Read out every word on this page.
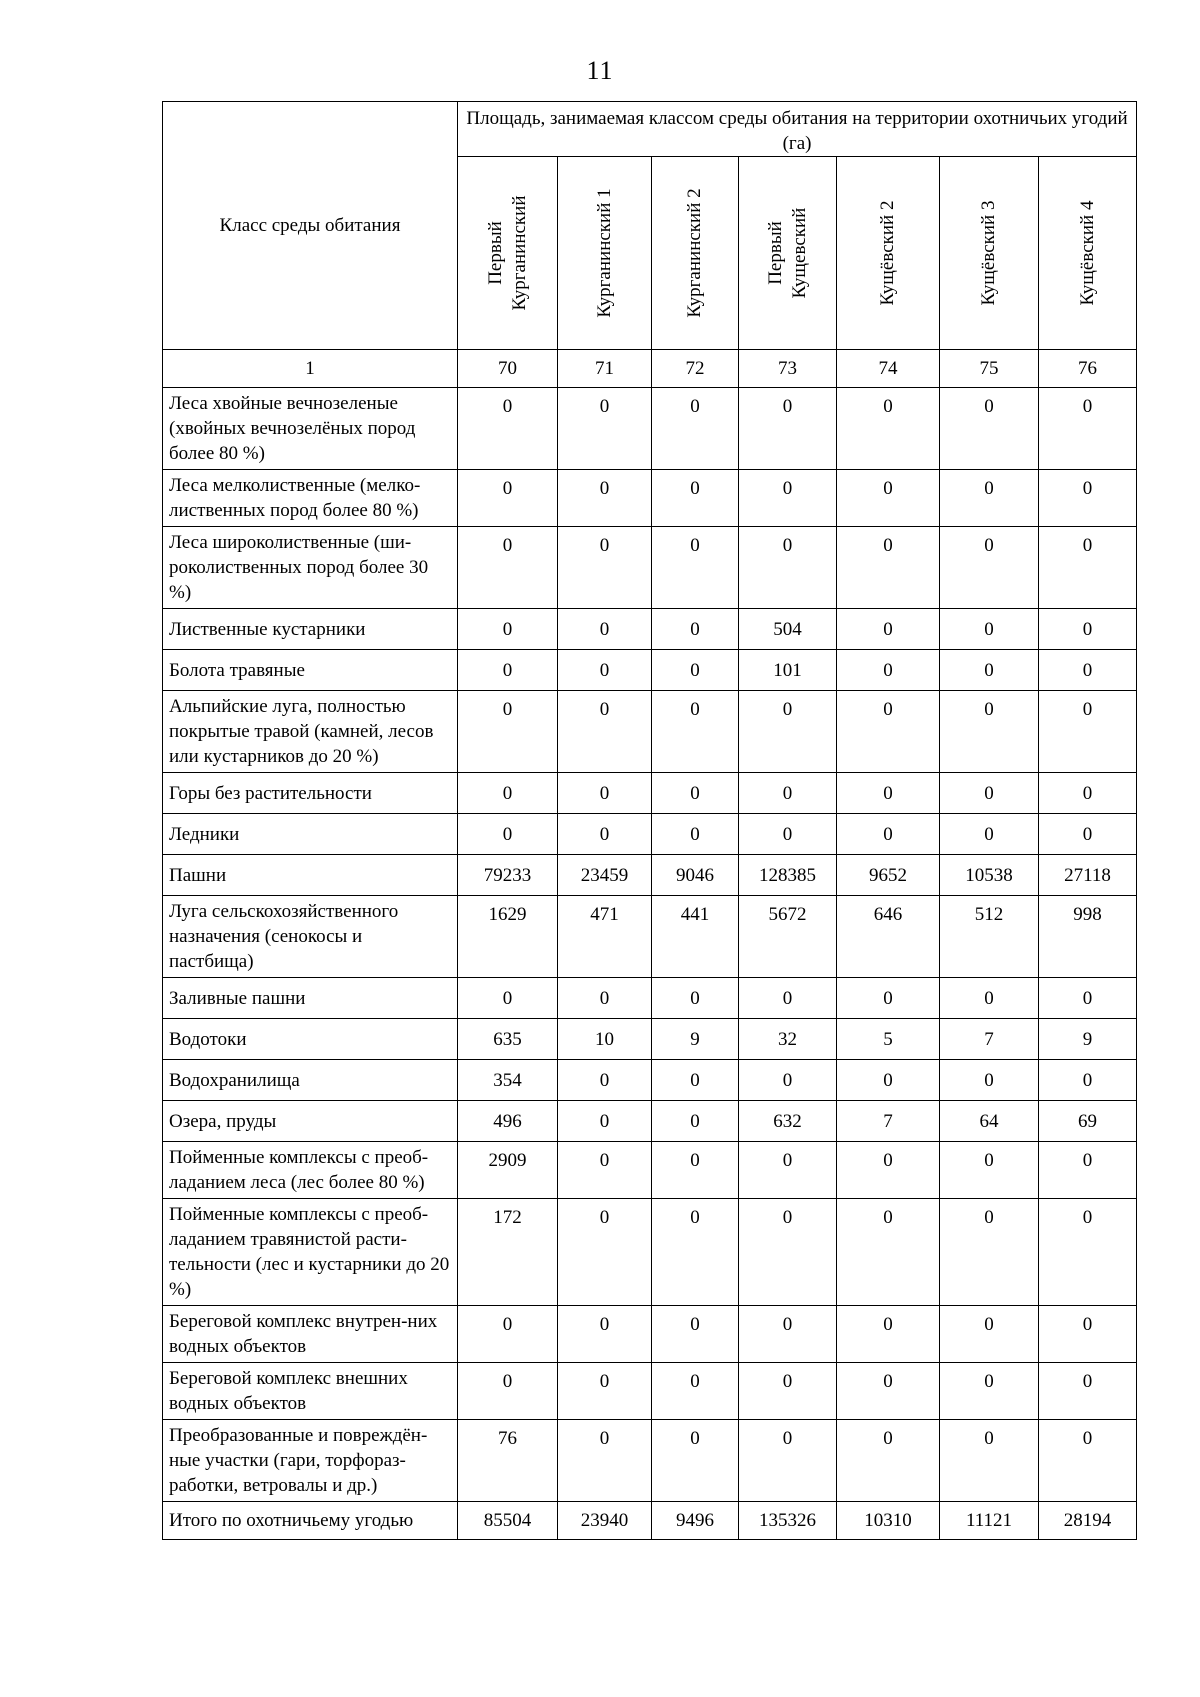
11
Класс среды обитания	Площадь, занимаемая классом среды обитания на территории охотничьих угодий (га)						

	Первый Курганинский	Курганинский 1	Курганинский 2	Первый Кущевский	Кущёвский 2	Кущёвский 3	Кущёвский 4

1	70	71	72	73	74	75	76
Леса хвойные вечнозеленые (хвойных вечнозелёных пород более 80 %)	0	0	0	0	0	0	0
Леса мелколиственные (мелко-лиственных пород более 80 %)	0	0	0	0	0	0	0
Леса широколиственные (ши-роколиственных пород более 30 %)	0	0	0	0	0	0	0
Лиственные кустарники	0	0	0	504	0	0	0
Болота травяные	0	0	0	101	0	0	0
Альпийские луга, полностью покрытые травой (камней, лесов или кустарников до 20 %)	0	0	0	0	0	0	0
Горы без растительности	0	0	0	0	0	0	0
Ледники	0	0	0	0	0	0	0
Пашни	79233	23459	9046	128385	9652	10538	27118
Луга сельскохозяйственного назначения (сенокосы и пастбища)	1629	471	441	5672	646	512	998
Заливные пашни	0	0	0	0	0	0	0
Водотоки	635	10	9	32	5	7	9
Водохранилища	354	0	0	0	0	0	0
Озера, пруды	496	0	0	632	7	64	69
Пойменные комплексы с преоб-ладанием леса (лес более 80 %)	2909	0	0	0	0	0	0
Пойменные комплексы с преоб-ладанием травянистой расти-тельности (лес и кустарники до 20 %)	172	0	0	0	0	0	0
Береговой комплекс внутрен-них водных объектов	0	0	0	0	0	0	0
Береговой комплекс внешних водных объектов	0	0	0	0	0	0	0
Преобразованные и повреждён-ные участки (гари, торфораз-работки, ветровалы и др.)	76	0	0	0	0	0	0
Итого по охотничьему угодью	85504	23940	9496	135326	10310	11121	28194
